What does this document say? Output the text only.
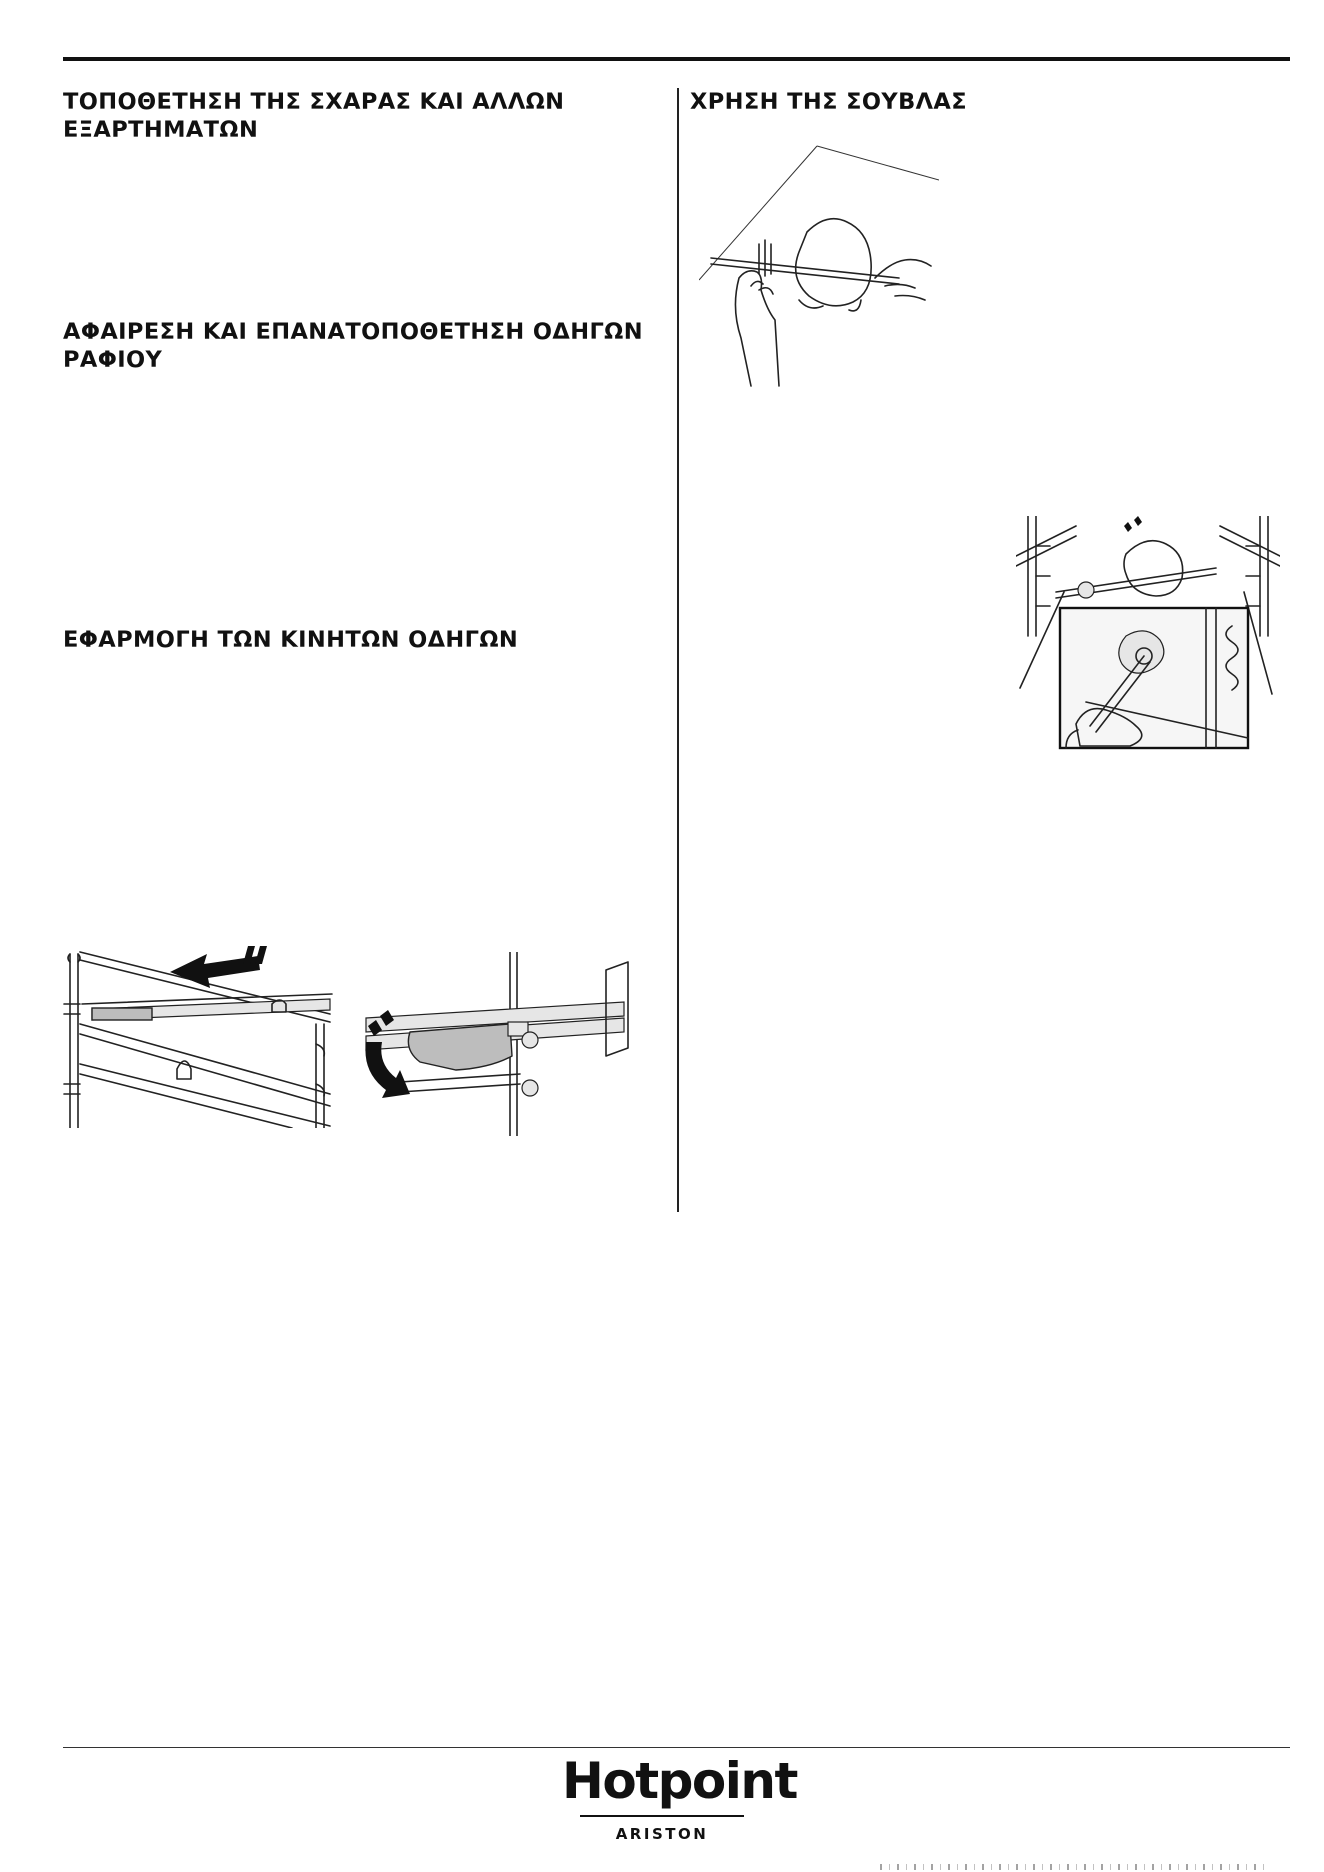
ΤΟΠΟΘΕΤΗΣΗ ΤΗΣ ΣΧΑΡΑΣ ΚΑΙ ΑΛΛΩΝ ΕΞΑΡΤΗΜΑΤΩΝ
ΑΦΑΙΡΕΣΗ ΚΑΙ ΕΠΑΝΑΤΟΠΟΘΕΤΗΣΗ ΟΔΗΓΩΝ ΡΑΦΙΟΥ
ΕΦΑΡΜΟΓΗ ΤΩΝ ΚΙΝΗΤΩΝ ΟΔΗΓΩΝ
ΧΡΗΣΗ ΤΗΣ ΣΟΥΒΛΑΣ
Hotpoint
ARISTON
